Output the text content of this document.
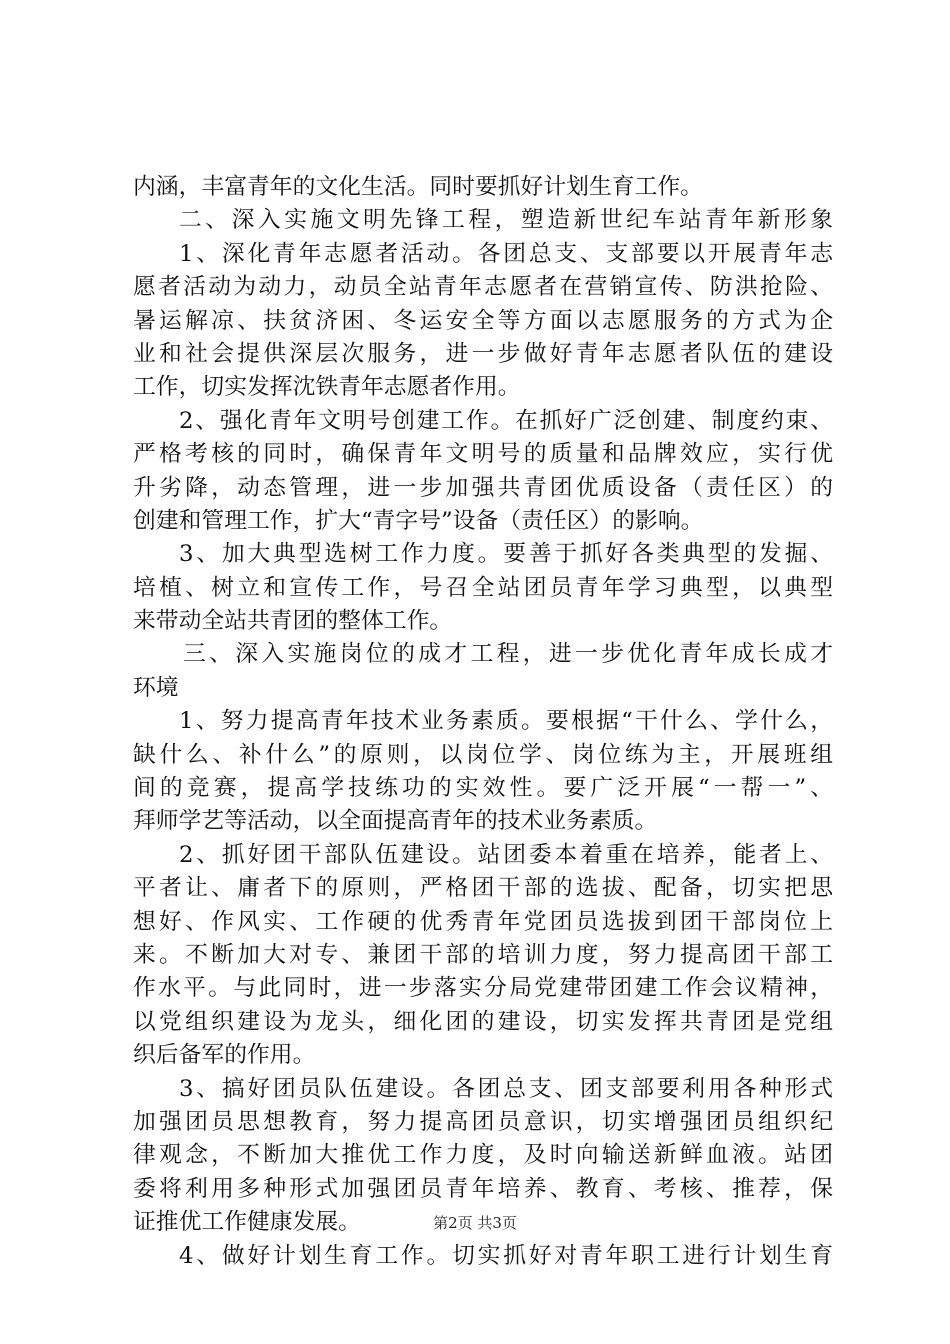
内涵，丰富青年的文化生活。同时要抓好计划生育工作。
二、深入实施文明先锋工程，塑造新世纪车站青年新形象
1、深化青年志愿者活动。各团总支、支部要以开展青年志
愿者活动为动力，动员全站青年志愿者在营销宣传、防洪抢险、
暑运解凉、扶贫济困、冬运安全等方面以志愿服务的方式为企
业和社会提供深层次服务，进一步做好青年志愿者队伍的建设
工作，切实发挥沈铁青年志愿者作用。
2、强化青年文明号创建工作。在抓好广泛创建、制度约束、
严格考核的同时，确保青年文明号的质量和品牌效应，实行优
升劣降，动态管理，进一步加强共青团优质设备（责任区）的
创建和管理工作，扩大“青字号”设备（责任区）的影响。
3、加大典型选树工作力度。要善于抓好各类典型的发掘、
培植、树立和宣传工作，号召全站团员青年学习典型，以典型
来带动全站共青团的整体工作。
三、深入实施岗位的成才工程，进一步优化青年成长成才
环境
1、努力提高青年技术业务素质。要根据“干什么、学什么，
缺什么、补什么”的原则，以岗位学、岗位练为主，开展班组
间的竞赛，提高学技练功的实效性。要广泛开展“一帮一”、
拜师学艺等活动，以全面提高青年的技术业务素质。
2、抓好团干部队伍建设。站团委本着重在培养，能者上、
平者让、庸者下的原则，严格团干部的选拔、配备，切实把思
想好、作风实、工作硬的优秀青年党团员选拔到团干部岗位上
来。不断加大对专、兼团干部的培训力度，努力提高团干部工
作水平。与此同时，进一步落实分局党建带团建工作会议精神，
以党组织建设为龙头，细化团的建设，切实发挥共青团是党组
织后备军的作用。
3、搞好团员队伍建设。各团总支、团支部要利用各种形式
加强团员思想教育，努力提高团员意识，切实增强团员组织纪
律观念，不断加大推优工作力度，及时向输送新鲜血液。站团
委将利用多种形式加强团员青年培养、教育、考核、推荐，保
证推优工作健康发展。
4、做好计划生育工作。切实抓好对青年职工进行计划生育
第2页 共3页
